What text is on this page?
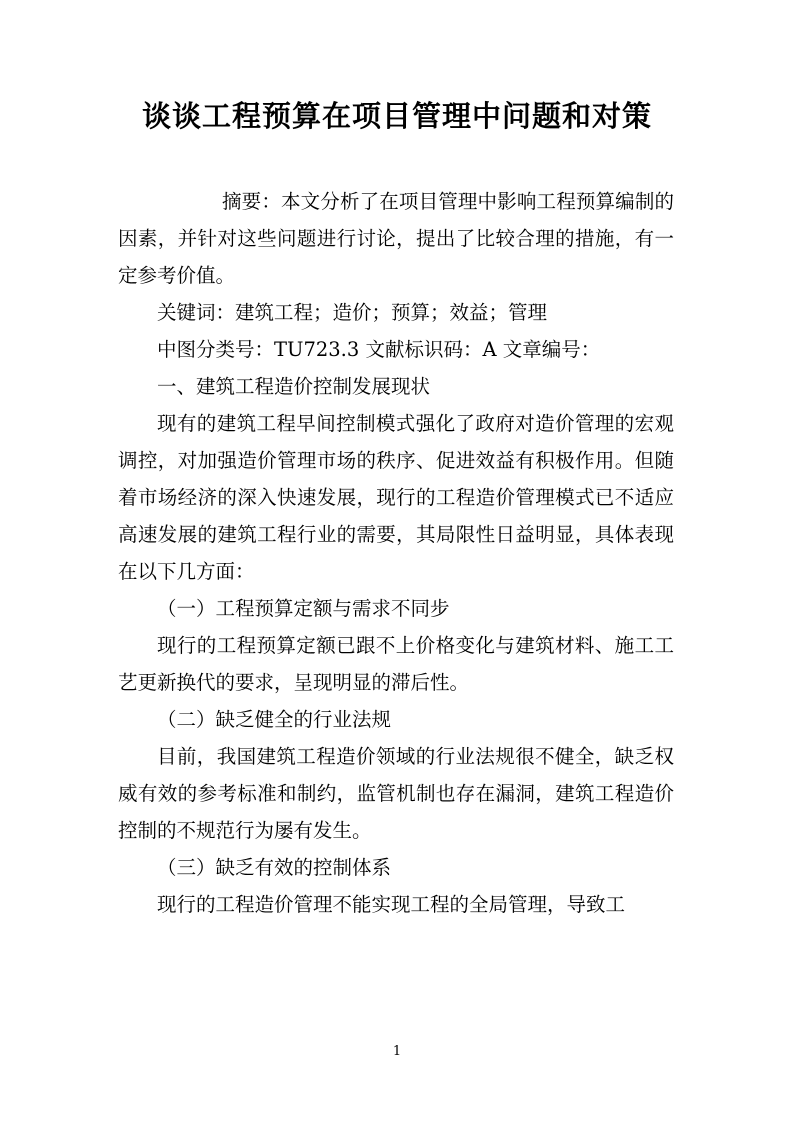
谈谈工程预算在项目管理中问题和对策

摘要：本文分析了在项目管理中影响工程预算编制的因素，并针对这些问题进行讨论，提出了比较合理的措施，有一定参考价值。

关键词：建筑工程；造价；预算；效益；管理

中图分类号：TU723.3 文献标识码：A 文章编号：

一、建筑工程造价控制发展现状

现有的建筑工程早间控制模式强化了政府对造价管理的宏观调控，对加强造价管理市场的秩序、促进效益有积极作用。但随着市场经济的深入快速发展，现行的工程造价管理模式已不适应高速发展的建筑工程行业的需要，其局限性日益明显，具体表现在以下几方面：

（一）工程预算定额与需求不同步

现行的工程预算定额已跟不上价格变化与建筑材料、施工工艺更新换代的要求，呈现明显的滞后性。

（二）缺乏健全的行业法规

目前，我国建筑工程造价领域的行业法规很不健全，缺乏权威有效的参考标准和制约，监管机制也存在漏洞，建筑工程造价控制的不规范行为屡有发生。

（三）缺乏有效的控制体系

现行的工程造价管理不能实现工程的全局管理，导致工

1
